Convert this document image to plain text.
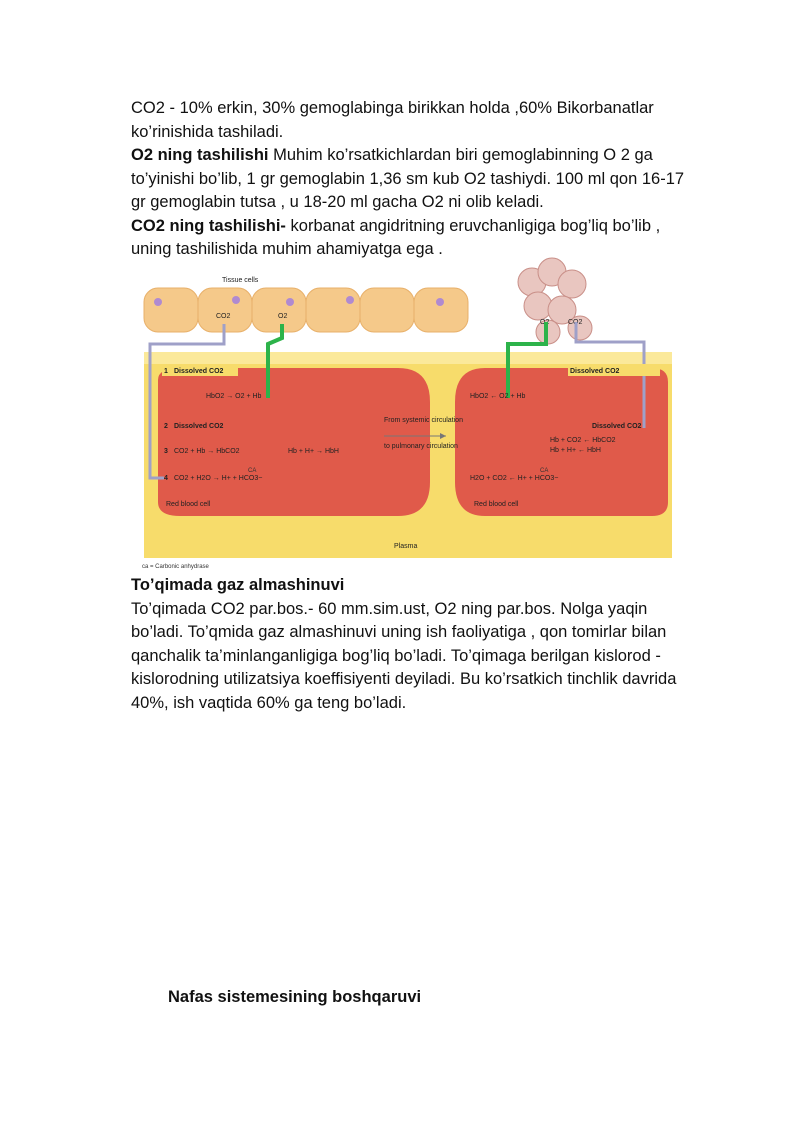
CO2 - 10% erkin, 30% gemoglabinga birikkan holda ,60% Bikorbanatlar ko’rinishida tashiladi.
O2 ning tashilishi Muhim ko’rsatkichlardan biri gemoglabinning O 2 ga to’yinishi bo’lib, 1 gr gemoglabin 1,36 sm kub O2 tashiydi. 100 ml qon 16-17 gr gemoglabin tutsa , u 18-20 ml gacha O2 ni olib keladi.
CO2 ning tashilishi- korbanat angidritning eruvchanligiga bog’liq bo’lib , uning tashilishida muhim ahamiyatga ega .
Tissue cells
CO2	O2
O2	CO2
1 Dissolved CO2
HbO2 → O2 + Hb
2 Dissolved CO2
3 CO2 + Hb → HbCO2	Hb + H+ → HbH
4 CO2 + H2O → H+ + HCO3−
CA
Red blood cell
From systemic circulation
to pulmonary circulation
Dissolved CO2
HbO2 ← O2 + Hb
Dissolved CO2
Hb + CO2 ← HbCO2
Hb + H+ ← HbH
H2O + CO2 ← H+ + HCO3−
CA
Red blood cell
Plasma
ca = Carbonic anhydrase
To’qimada gaz almashinuvi
To’qimada CO2 par.bos.- 60 mm.sim.ust, O2 ning par.bos. Nolga yaqin bo’ladi. To’qmida gaz almashinuvi uning ish faoliyatiga , qon tomirlar bilan qanchalik ta’minlanganligiga bog’liq bo’ladi. To’qimaga berilgan kislorod - kislorodning utilizatsiya koeffisiyenti deyiladi. Bu ko’rsatkich tinchlik davrida 40%, ish vaqtida 60% ga teng bo’ladi.
Nafas sistemesining boshqaruvi
